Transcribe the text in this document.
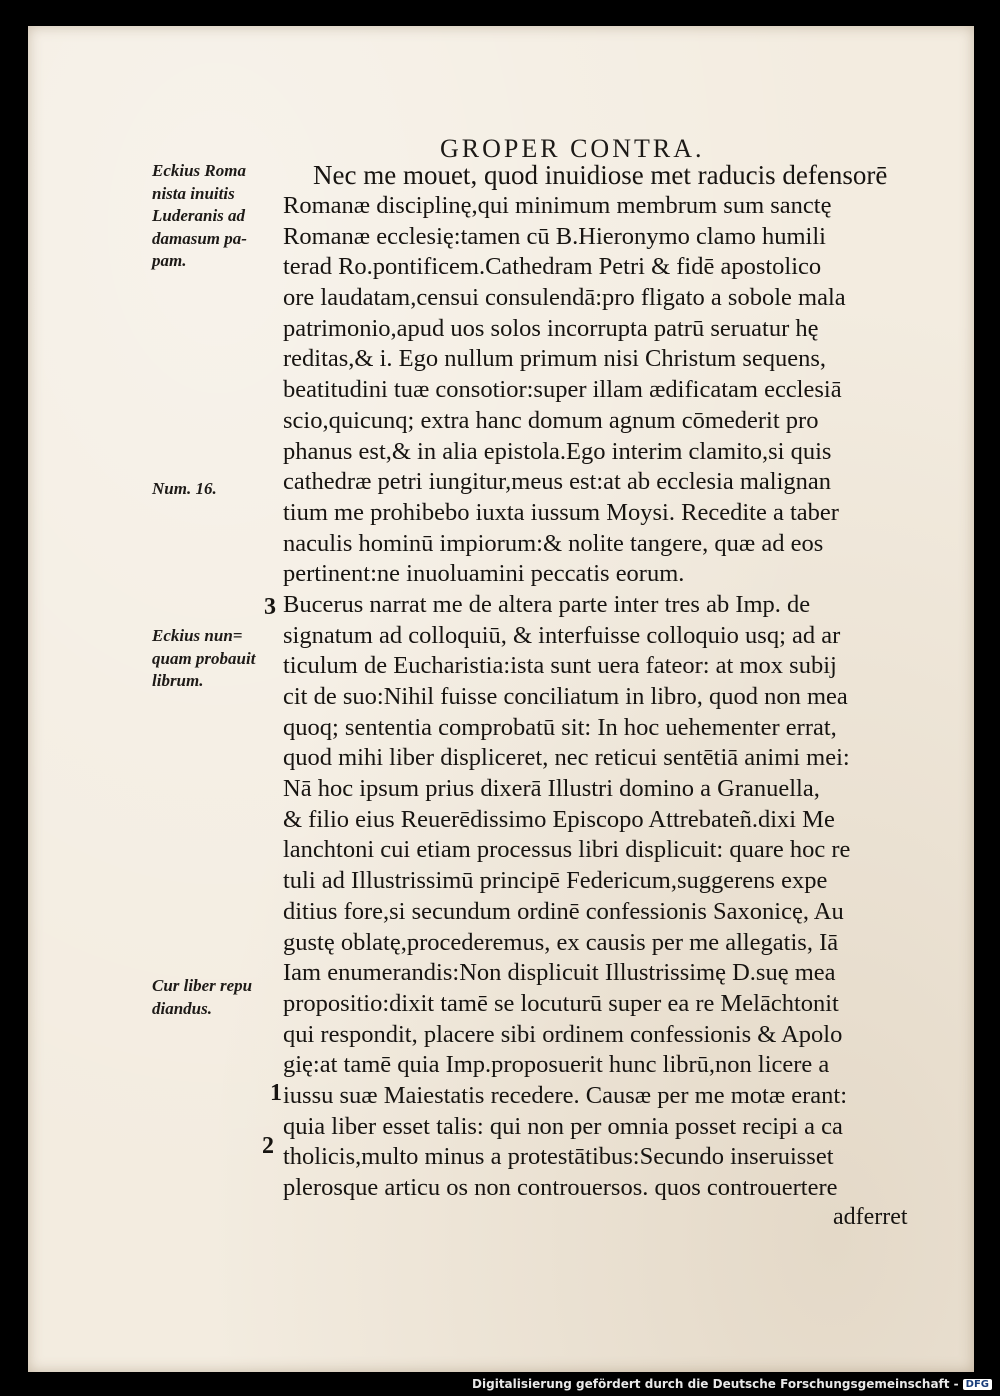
GROPER CONTRA.
Nec me mouet, quod inuidiose met raducis defensorē
Romanæ disciplinę,qui minimum membrum sum sanctę
Romanæ ecclesię:tamen cū B.Hieronymo clamo humili
terad Ro.pontificem.Cathedram Petri & fidē apostolico
ore laudatam,censui consulendā:pro fligato a sobole mala
patrimonio,apud uos solos incorrupta patrū seruatur hę
reditas,& i. Ego nullum primum nisi Christum sequens,
beatitudini tuæ consotior:super illam ædificatam ecclesiā
scio,quicunq; extra hanc domum agnum cōmederit pro
phanus est,& in alia epistola.Ego interim clamito,si quis
cathedræ petri iungitur,meus est:at ab ecclesia malignan
tium me prohibebo iuxta iussum Moysi. Recedite a taber
naculis hominū impiorum:& nolite tangere, quæ ad eos
pertinent:ne inuoluamini peccatis eorum.
Bucerus narrat me de altera parte inter tres ab Imp. de
signatum ad colloquiū, & interfuisse colloquio usq; ad ar
ticulum de Eucharistia:ista sunt uera fateor: at mox subij
cit de suo:Nihil fuisse conciliatum in libro, quod non mea
quoq; sententia comprobatū sit: In hoc uehementer errat,
quod mihi liber displiceret, nec reticui sentētiā animi mei:
Nā hoc ipsum prius dixerā Illustri domino a Granuella,
& filio eius Reuerēdissimo Episcopo Attrebateñ.dixi Me
lanchtoni cui etiam processus libri displicuit: quare hoc re
tuli ad Illustrissimū principē Federicum,suggerens expe
ditius fore,si secundum ordinē confessionis Saxonicę, Au
gustę oblatę,procederemus, ex causis per me allegatis, Iā
Iam enumerandis:Non displicuit Illustrissimę D.suę mea
propositio:dixit tamē se locuturū super ea re Melāchtonit
qui respondit, placere sibi ordinem confessionis & Apolo
gię:at tamē quia Imp.proposuerit hunc librū,non licere a
iussu suæ Maiestatis recedere. Causæ per me motæ erant:
quia liber esset talis: qui non per omnia posset recipi a ca
tholicis,multo minus a protestātibus:Secundo inseruisset
plerosque articu os non controuersos. quos controuertere
Eckius Roma
nista inuitis
Luderanis ad
damasum pa-
pam.
Num. 16.
Eckius nun=
quam probauit
librum.
Cur liber repu
diandus.
3
1
2
adferret
Digitalisierung gefördert durch die Deutsche Forschungsgemeinschaft - DFG
